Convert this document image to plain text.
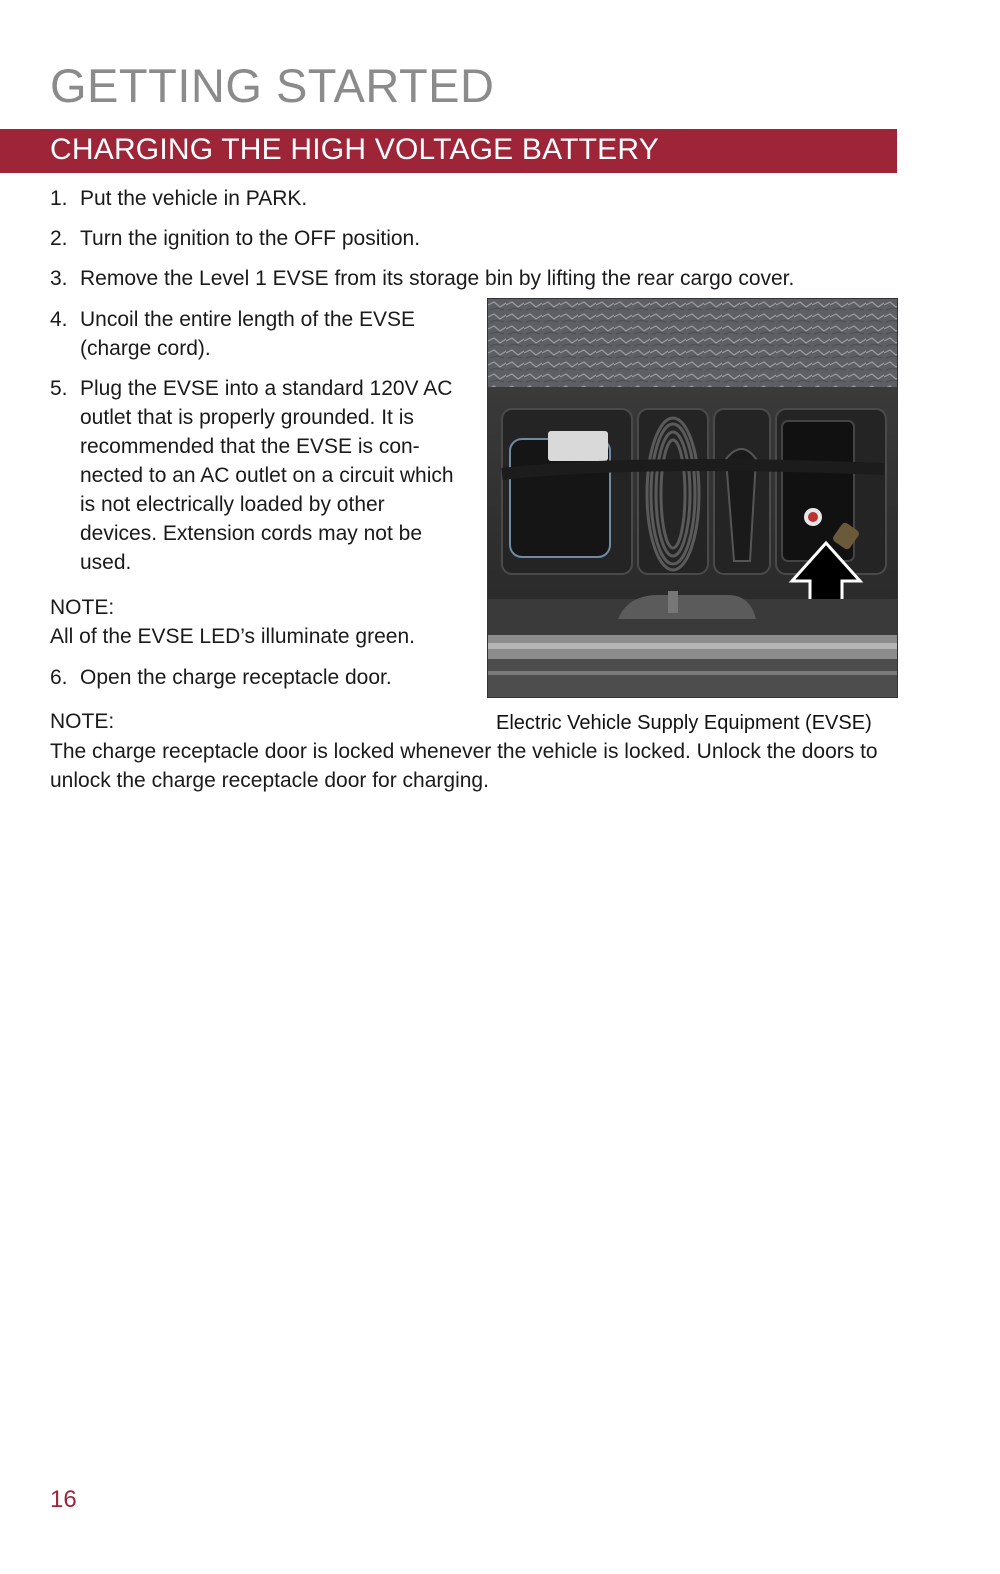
GETTING STARTED
CHARGING THE HIGH VOLTAGE BATTERY
1. Put the vehicle in PARK.
2. Turn the ignition to the OFF position.
3. Remove the Level 1 EVSE from its storage bin by lifting the rear cargo cover.
4. Uncoil the entire length of the EVSE (charge cord).
5. Plug the EVSE into a standard 120V AC outlet that is properly grounded. It is recommended that the EVSE is con-nected to an AC outlet on a circuit which is not electrically loaded by other devices. Extension cords may not be used.
NOTE:
All of the EVSE LED’s illuminate green.
6. Open the charge receptacle door.
NOTE:
The charge receptacle door is locked whenever the vehicle is locked. Unlock the doors to unlock the charge receptacle door for charging.
Electric Vehicle Supply Equipment (EVSE)
16
